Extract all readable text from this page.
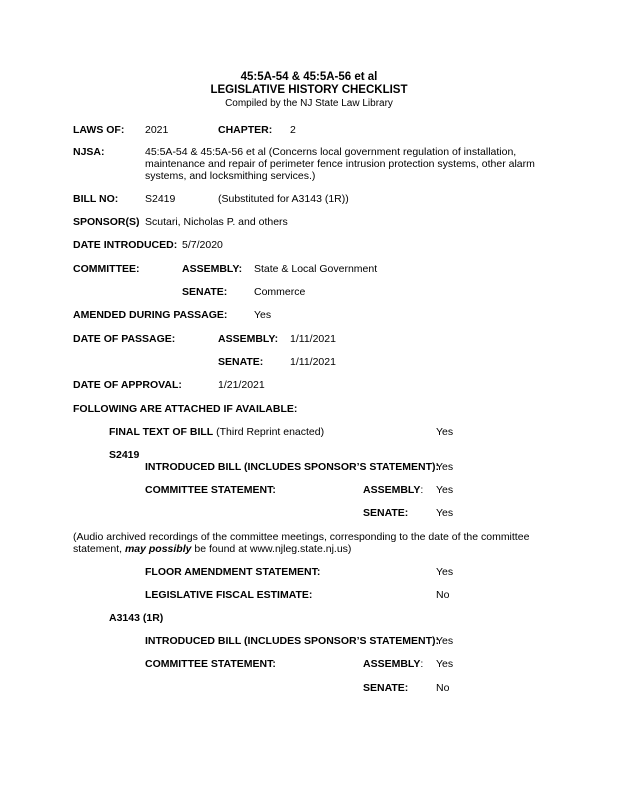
45:5A-54 & 45:5A-56 et al
LEGISLATIVE HISTORY CHECKLIST
Compiled by the NJ State Law Library
LAWS OF: 2021	CHAPTER: 2
NJSA:	45:5A-54 & 45:5A-56 et al (Concerns local government regulation of installation,
maintenance and repair of perimeter fence intrusion protection systems, other alarm
systems, and locksmithing services.)
BILL NO:	S2419	(Substituted for A3143 (1R))
SPONSOR(S) Scutari, Nicholas P. and others
DATE INTRODUCED: 5/7/2020
COMMITTEE:	ASSEMBLY: State & Local Government
SENATE:	Commerce
AMENDED DURING PASSAGE:	Yes
DATE OF PASSAGE:	ASSEMBLY: 1/11/2021
SENATE:	1/11/2021
DATE OF APPROVAL:	1/21/2021
FOLLOWING ARE ATTACHED IF AVAILABLE:
FINAL TEXT OF BILL (Third Reprint enacted)	Yes
S2419
INTRODUCED BILL (INCLUDES SPONSOR’S STATEMENT):
Yes
COMMITTEE STATEMENT:	ASSEMBLY: Yes
SENATE:	Yes
(Audio archived recordings of the committee meetings, corresponding to the date of the committee
statement, may possibly be found at www.njleg.state.nj.us)
FLOOR AMENDMENT STATEMENT:	Yes
LEGISLATIVE FISCAL ESTIMATE:	No
A3143 (1R)
INTRODUCED BILL (INCLUDES SPONSOR’S STATEMENT):
Yes
COMMITTEE STATEMENT:	ASSEMBLY: Yes
SENATE:	No
